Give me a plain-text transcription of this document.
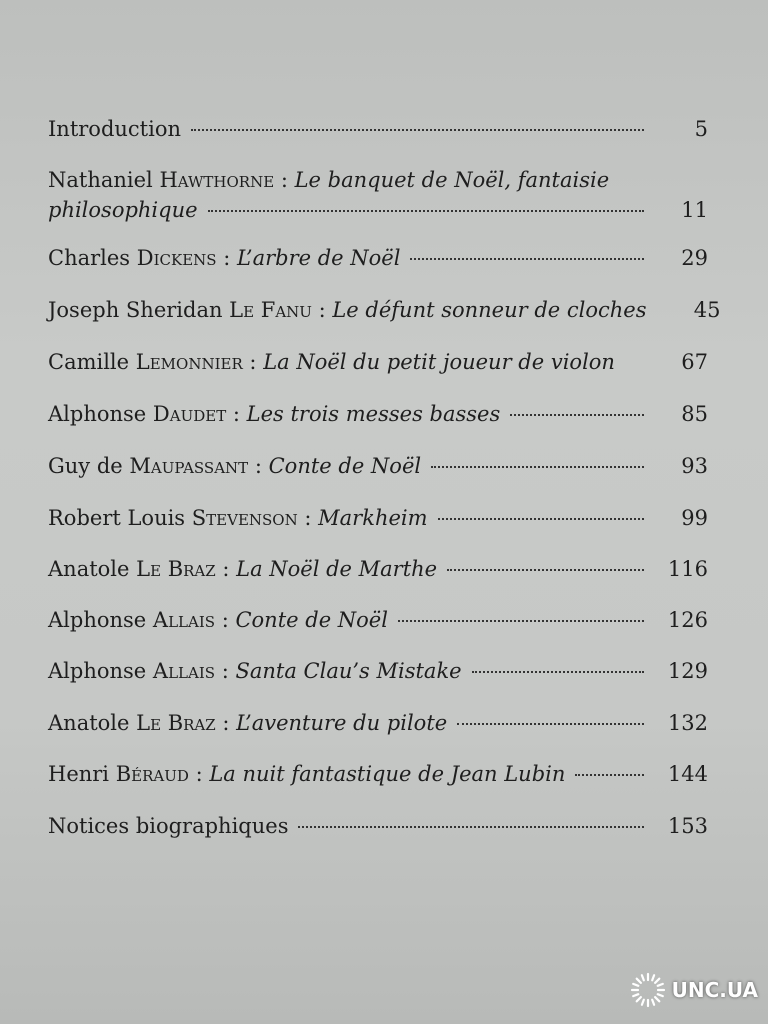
Introduction	5
Nathaniel Hawthorne : Le banquet de Noël, fantaisie
philosophique	11
Charles Dickens : L’arbre de Noël	29
Joseph Sheridan Le Fanu : Le défunt sonneur de cloches	45
Camille Lemonnier : La Noël du petit joueur de violon	67
Alphonse Daudet : Les trois messes basses	85
Guy de Maupassant : Conte de Noël	93
Robert Louis Stevenson : Markheim	99
Anatole Le Braz : La Noël de Marthe	116
Alphonse Allais : Conte de Noël	126
Alphonse Allais : Santa Clau’s Mistake	129
Anatole Le Braz : L’aventure du pilote	132
Henri Béraud : La nuit fantastique de Jean Lubin	144
Notices biographiques	153
UNC.UA
